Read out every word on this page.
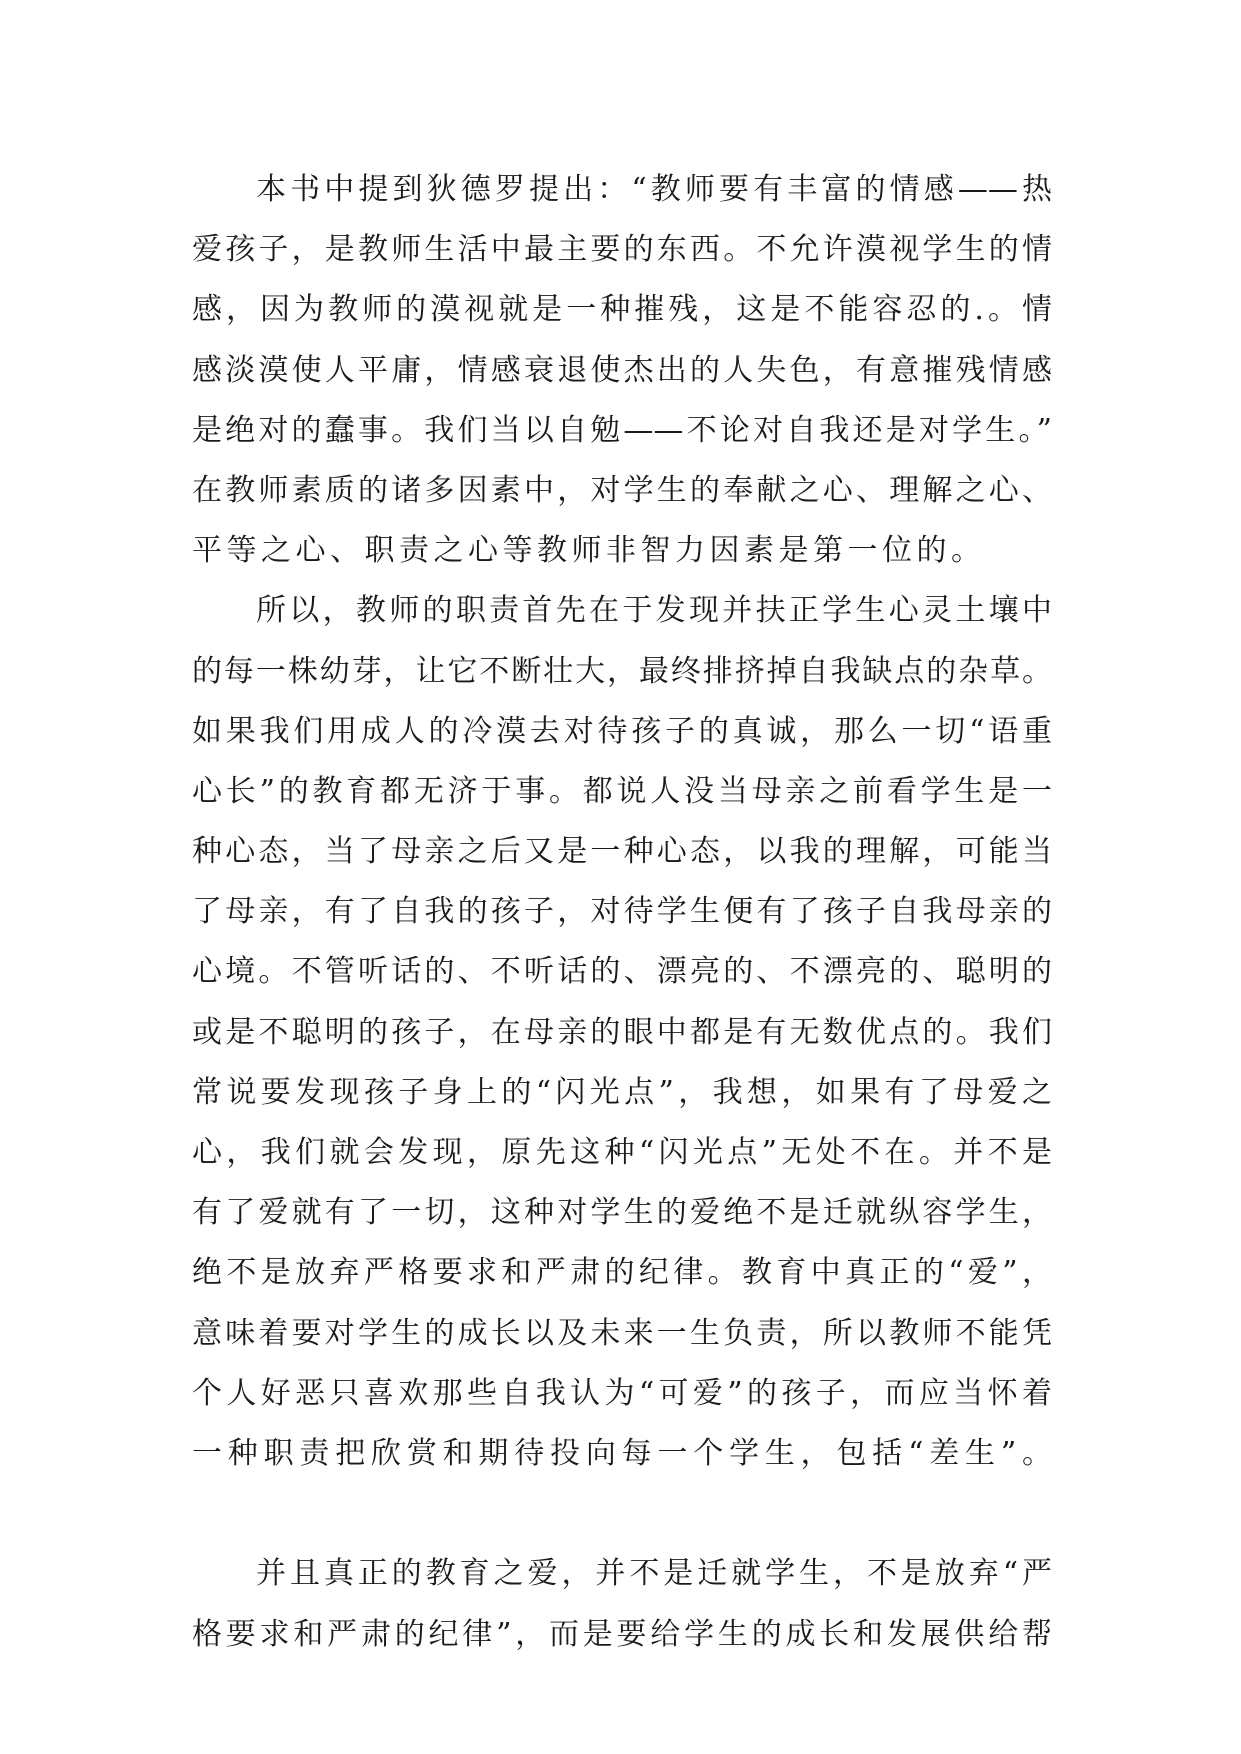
本书中提到狄德罗提出：“教师要有丰富的情感——热
爱孩子，是教师生活中最主要的东西。不允许漠视学生的情
感，因为教师的漠视就是一种摧残，这是不能容忍的.。情
感淡漠使人平庸，情感衰退使杰出的人失色，有意摧残情感
是绝对的蠢事。我们当以自勉——不论对自我还是对学生。”
在教师素质的诸多因素中，对学生的奉献之心、理解之心、
平等之心、职责之心等教师非智力因素是第一位的。
所以，教师的职责首先在于发现并扶正学生心灵土壤中
的每一株幼芽，让它不断壮大，最终排挤掉自我缺点的杂草。
如果我们用成人的冷漠去对待孩子的真诚，那么一切“语重
心长”的教育都无济于事。都说人没当母亲之前看学生是一
种心态，当了母亲之后又是一种心态，以我的理解，可能当
了母亲，有了自我的孩子，对待学生便有了孩子自我母亲的
心境。不管听话的、不听话的、漂亮的、不漂亮的、聪明的
或是不聪明的孩子，在母亲的眼中都是有无数优点的。我们
常说要发现孩子身上的“闪光点”，我想，如果有了母爱之
心，我们就会发现，原先这种“闪光点”无处不在。并不是
有了爱就有了一切，这种对学生的爱绝不是迁就纵容学生，
绝不是放弃严格要求和严肃的纪律。教育中真正的“爱”，
意味着要对学生的成长以及未来一生负责，所以教师不能凭
个人好恶只喜欢那些自我认为“可爱”的孩子，而应当怀着
一种职责把欣赏和期待投向每一个学生，包括“差生”。
并且真正的教育之爱，并不是迁就学生，不是放弃“严
格要求和严肃的纪律”，而是要给学生的成长和发展供给帮
